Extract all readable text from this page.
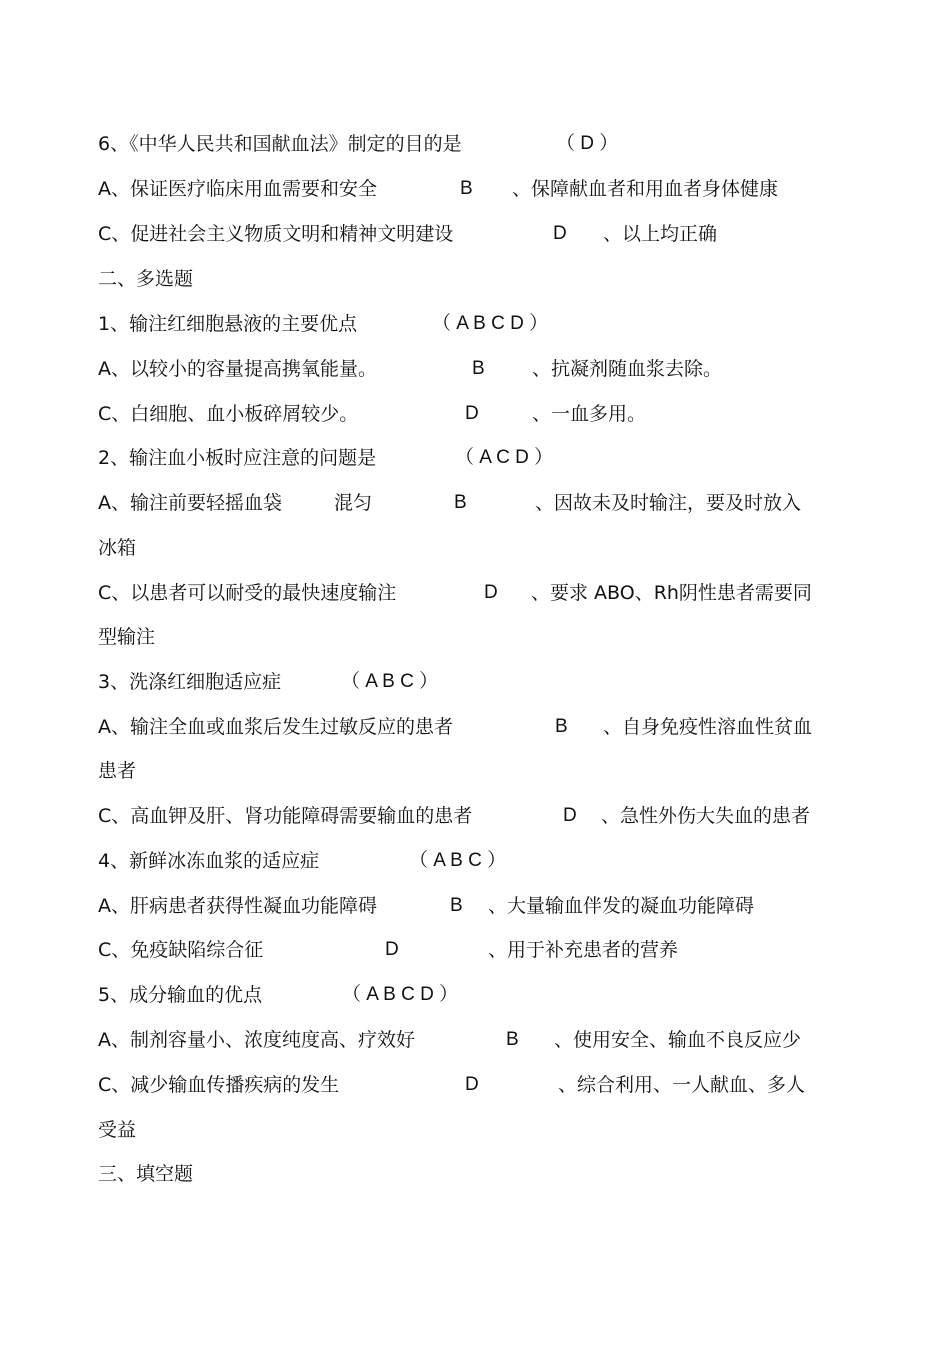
6、《中华人民共和国献血法》制定的目的是	（ D ）
A、保证医疗临床用血需要和安全	B 、保障献血者和用血者身体健康
C、促进社会主义物质文明和精神文明建设	D 、以上均正确
二、多选题
1、输注红细胞悬液的主要优点	（ A B C D ）
A、以较小的容量提高携氧能量。	B 、抗凝剂随血浆去除。
C、白细胞、血小板碎屑较少。	D	、一血多用。
2、输注血小板时应注意的问题是	（ A C D ）
A、输注前要轻摇血袋	混匀	B	、因故未及时输注，要及时放入
冰箱
C、以患者可以耐受的最快速度输注	D 、要求 ABO、Rh阴性患者需要同
型输注
3、洗涤红细胞适应症	（ A B C ）
A、输注全血或血浆后发生过敏反应的患者	B 、自身免疫性溶血性贫血
患者
C、高血钾及肝、肾功能障碍需要输血的患者	D 、急性外伤大失血的患者
4、新鲜冰冻血浆的适应症	（ A B C ）
A、肝病患者获得性凝血功能障碍	B 、大量输血伴发的凝血功能障碍
C、免疫缺陷综合征	D	、用于补充患者的营养
5、成分输血的优点	（ A B C D ）
A、制剂容量小、浓度纯度高、疗效好	B 、使用安全、输血不良反应少
C、减少输血传播疾病的发生	D	、综合利用、一人献血、多人
受益
三、填空题
